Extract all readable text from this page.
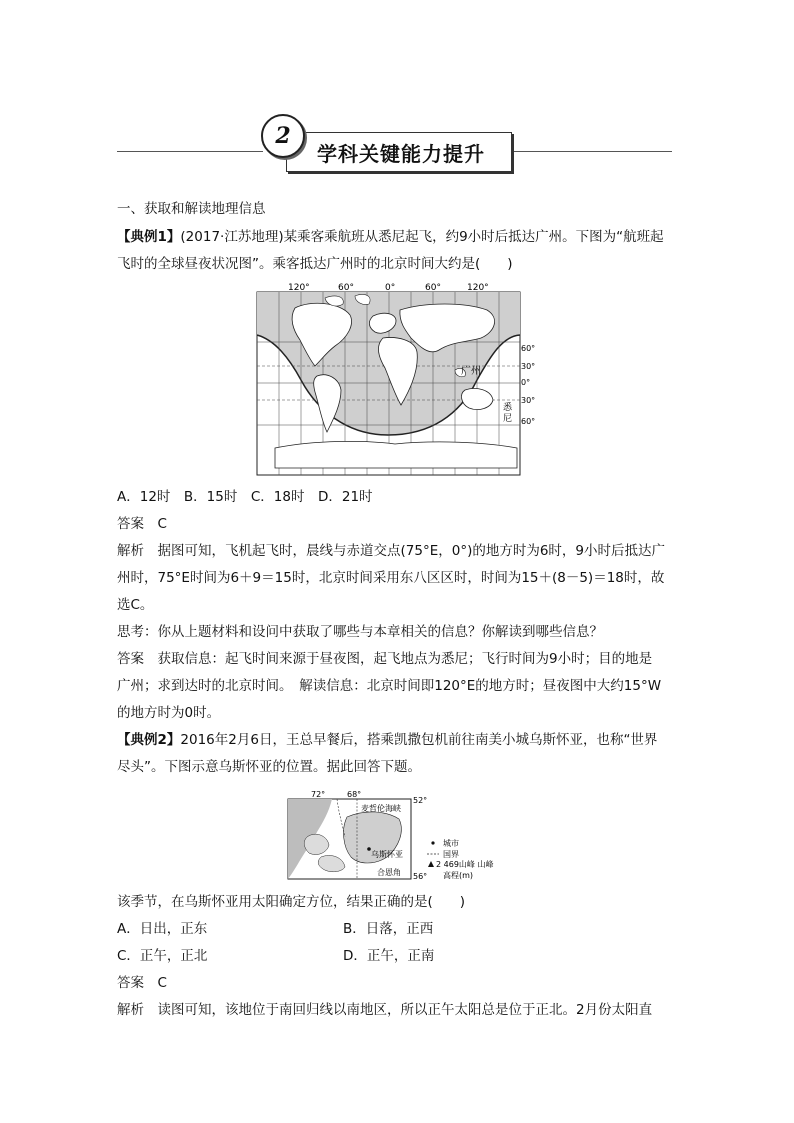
学科关键能力提升
2
一、获取和解读地理信息
【典例1】(2017·江苏地理)某乘客乘航班从悉尼起飞，约9小时后抵达广州。下图为“航班起
飞时的全球昼夜状况图”。乘客抵达广州时的北京时间大约是(　　)
120°	60°	0°	60°	120°
60°
30°
0°
30°
60°
广州
悉
尼
A．12时　B．15时　C．18时　D．21时
答案　 C
解析　 据图可知，飞机起飞时，晨线与赤道交点(75°E，0°)的地方时为6时，9小时后抵达广
州时，75°E时间为6＋9＝15时，北京时间采用东八区区时，时间为15＋(8－5)＝18时，故
选C。
思考：你从上题材料和设问中获取了哪些与本章相关的信息？你解读到哪些信息？
答案　 获取信息：起飞时间来源于昼夜图，起飞地点为悉尼；飞行时间为9小时；目的地是
广州；求到达时的北京时间。　解读信息：北京时间即120°E的地方时；昼夜图中大约15°W
的地方时为0时。
【典例2】2016年2月6日，王总早餐后，搭乘凯撒包机前往南美小城乌斯怀亚，也称“世界
尽头”。下图示意乌斯怀亚的位置。据此回答下题。
72°	68°
52°
56°
麦哲伦海峡
乌斯怀亚
合恩角
城市
国界
2 469山峰 山峰
高程(m)
该季节，在乌斯怀亚用太阳确定方位，结果正确的是(　　)
A．日出，正东	B．日落，正西
C．正午，正北	D．正午，正南
答案　 C
解析　 读图可知，该地位于南回归线以南地区，所以正午太阳总是位于正北。2月份太阳直
